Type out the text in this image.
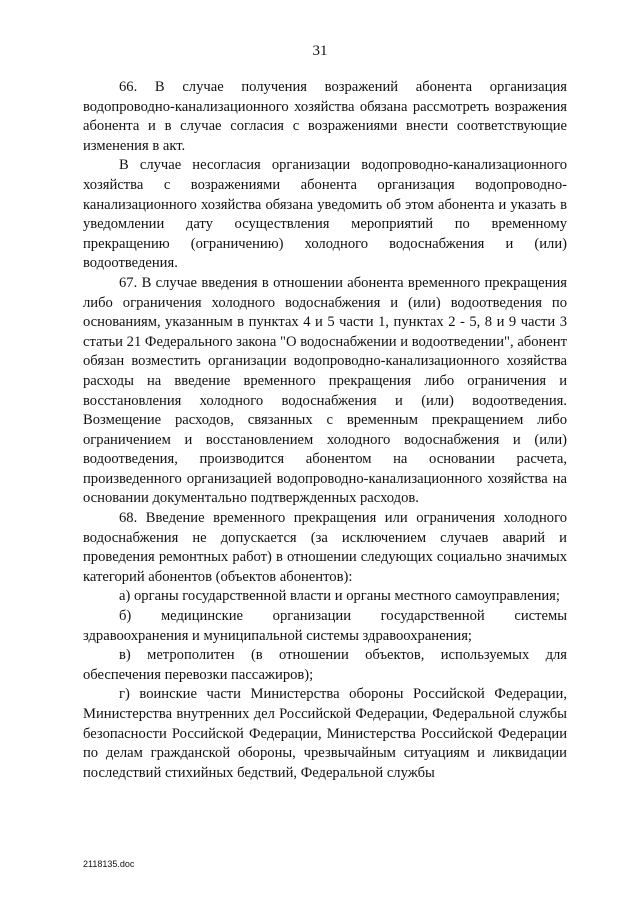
31

66. В случае получения возражений абонента организация водопроводно-канализационного хозяйства обязана рассмотреть возражения абонента и в случае согласия с возражениями внести соответствующие изменения в акт.

В случае несогласия организации водопроводно-канализационного хозяйства с возражениями абонента организация водопроводно-канализационного хозяйства обязана уведомить об этом абонента и указать в уведомлении дату осуществления мероприятий по временному прекращению (ограничению) холодного водоснабжения и (или) водоотведения.

67. В случае введения в отношении абонента временного прекращения либо ограничения холодного водоснабжения и (или) водоотведения по основаниям, указанным в пунктах 4 и 5 части 1, пунктах 2 - 5, 8 и 9 части 3 статьи 21 Федерального закона "О водоснабжении и водоотведении", абонент обязан возместить организации водопроводно-канализационного хозяйства расходы на введение временного прекращения либо ограничения и восстановления холодного водоснабжения и (или) водоотведения. Возмещение расходов, связанных с временным прекращением либо ограничением и восстановлением холодного водоснабжения и (или) водоотведения, производится абонентом на основании расчета, произведенного организацией водопроводно-канализационного хозяйства на основании документально подтвержденных расходов.

68. Введение временного прекращения или ограничения холодного водоснабжения не допускается (за исключением случаев аварий и проведения ремонтных работ) в отношении следующих социально значимых категорий абонентов (объектов абонентов):

а) органы государственной власти и органы местного самоуправления;

б) медицинские организации государственной системы здравоохранения и муниципальной системы здравоохранения;

в) метрополитен (в отношении объектов, используемых для обеспечения перевозки пассажиров);

г) воинские части Министерства обороны Российской Федерации, Министерства внутренних дел Российской Федерации, Федеральной службы безопасности Российской Федерации, Министерства Российской Федерации по делам гражданской обороны, чрезвычайным ситуациям и ликвидации последствий стихийных бедствий, Федеральной службы

2118135.doc
